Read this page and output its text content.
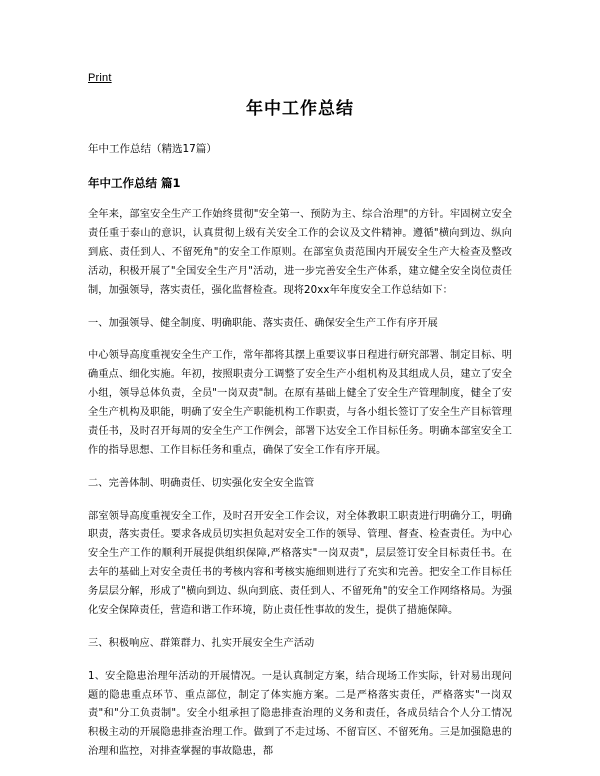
Print
年中工作总结

年中工作总结（精选17篇）

年中工作总结 篇1

全年来，部室安全生产工作始终贯彻"安全第一、预防为主、综合治理"的方针。牢固树立安全责任重于泰山的意识，认真贯彻上级有关安全工作的会议及文件精神。遵循"横向到边、纵向到底、责任到人、不留死角"的安全工作原则。在部室负责范围内开展安全生产大检查及整改活动，积极开展了"全国安全生产月"活动，进一步完善安全生产体系，建立健全安全岗位责任制，加强领导，落实责任，强化监督检查。现将20xx年年度安全工作总结如下：

一、加强领导、健全制度、明确职能、落实责任、确保安全生产工作有序开展

中心领导高度重视安全生产工作，常年都将其摆上重要议事日程进行研究部署、制定目标、明确重点、细化实施。年初，按照职责分工调整了安全生产小组机构及其组成人员，建立了安全小组，领导总体负责，全员"一岗双责"制。在原有基础上健全了安全生产管理制度，健全了安全生产机构及职能，明确了安全生产职能机构工作职责，与各小组长签订了安全生产目标管理责任书，及时召开每周的安全生产工作例会，部署下达安全工作目标任务。明确本部室安全工作的指导思想、工作目标任务和重点，确保了安全工作有序开展。

二、完善体制、明确责任、切实强化安全安全监管

部室领导高度重视安全工作，及时召开安全工作会议，对全体教职工职责进行明确分工，明确职责，落实责任。要求各成员切实担负起对安全工作的领导、管理、督查、检查责任。为中心安全生产工作的顺利开展提供组织保障,严格落实"一岗双责"，层层签订安全目标责任书。在去年的基础上对安全责任书的考核内容和考核实施细则进行了充实和完善。把安全工作目标任务层层分解，形成了"横向到边、纵向到底、责任到人、不留死角"的安全工作网络格局。为强化安全保障责任，营造和谐工作环境，防止责任性事故的发生，提供了措施保障。

三、积极响应、群策群力、扎实开展安全生产活动

1、安全隐患治理年活动的开展情况。一是认真制定方案，结合现场工作实际，针对易出现问题的隐患重点环节、重点部位，制定了体实施方案。二是严格落实责任，严格落实"一岗双责"和"分工负责制"。安全小组承担了隐患排查治理的义务和责任，各成员结合个人分工情况积极主动的开展隐患排查治理工作。做到了不走过场、不留盲区、不留死角。三是加强隐患的治理和监控，对排查掌握的事故隐患，都
